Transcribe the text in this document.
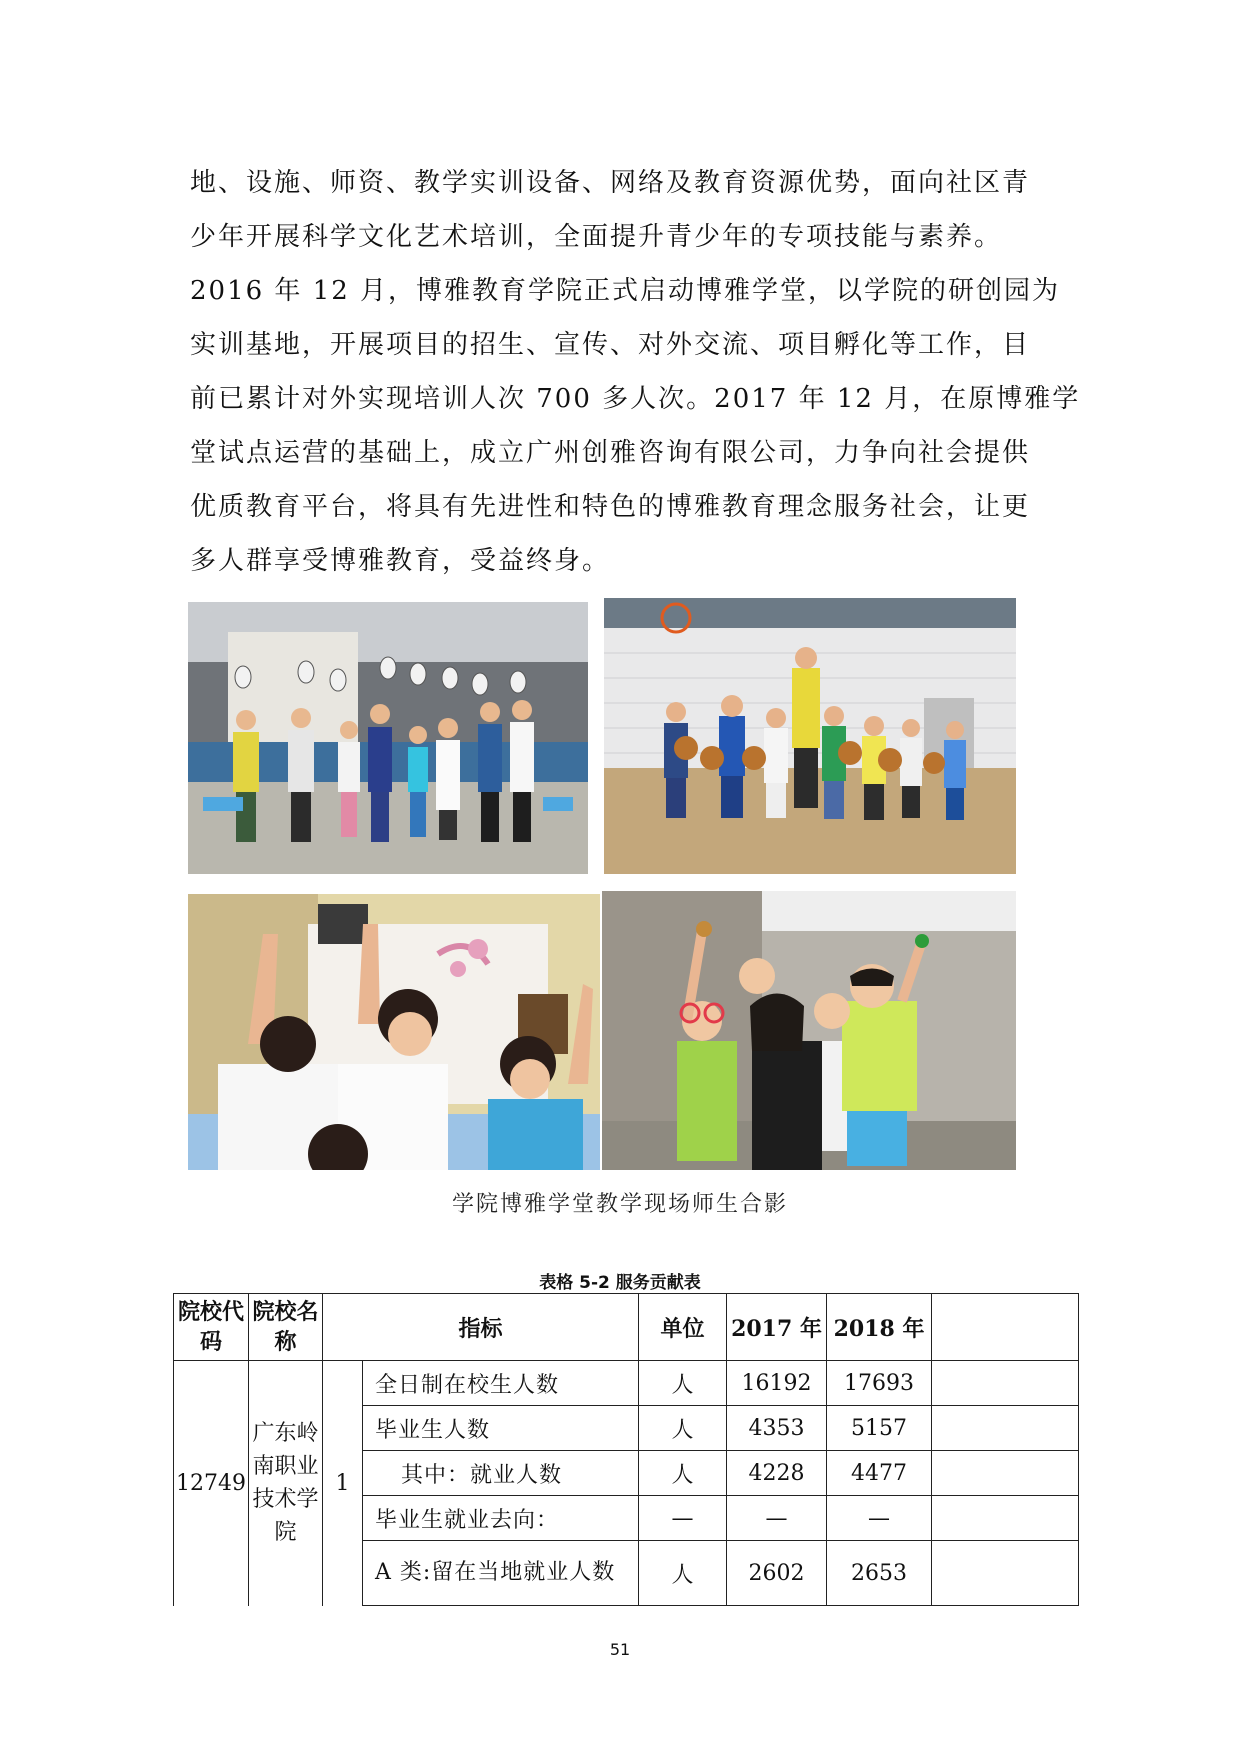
地、设施、师资、教学实训设备、网络及教育资源优势，面向社区青
少年开展科学文化艺术培训，全面提升青少年的专项技能与素养。
2016 年 12 月，博雅教育学院正式启动博雅学堂，以学院的研创园为
实训基地，开展项目的招生、宣传、对外交流、项目孵化等工作，目
前已累计对外实现培训人次 700 多人次。2017 年 12 月，在原博雅学
堂试点运营的基础上，成立广州创雅咨询有限公司，力争向社会提供
优质教育平台，将具有先进性和特色的博雅教育理念服务社会，让更
多人群享受博雅教育，受益终身。
学院博雅学堂教学现场师生合影
表格 5-2 服务贡献表
院校代码	院校名称	指标		单位	2017 年	2018 年	
12749	广东岭南职业技术学院	1	全日制在校生人数	人	16192	17693	
			毕业生人数	人	4353	5157	
			其中：就业人数	人	4228	4477	
			毕业生就业去向：	—	—	—	
			A 类:留在当地就业人数	人	2602	2653	
51
